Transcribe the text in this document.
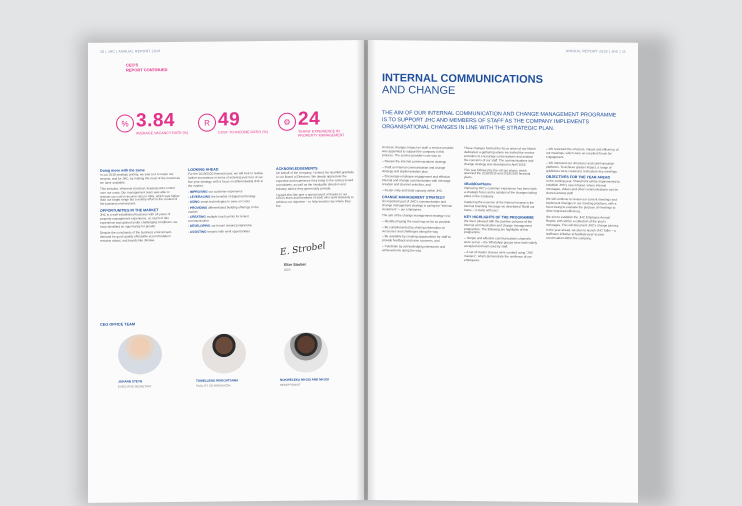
10 | JHC | ANNUAL REPORT 2019
CEO'S
REPORT CONTINUED
% 3.84
AVERAGE VACANCY RATE (%)
R 49
COST-TO-INCOME RATIO (%)
⚙ 24
YEARS' EXPERIENCE IN PROPERTY MANAGEMENT
Doing more with the same

In our 2019 strategic priority, we saw to it to retain our tenants, and for JHC, by making the most of the resources we have available.

This includes, wherever practical, keeping strict control over our costs. Our management team was able to restrain our cost-to-income ratio to 49%, which was higher than our target range but a worthy effort in the context of the business environment.

OPPORTUNITIES IN THE MARKET

JHC is a well-established business with 24 years of property management experience, so much of this experience was gained under challenging conditions, we have identified an opportunity for growth.

Despite the constraints of the business environment, demand for good quality affordable accommodation remains robust, and brands like Jkmiwe.

LOOKING AHEAD

For the 2019/2020 financial year, we will look to realise further innovations in terms of entering year four of our five year strategy, with a focus on differentiating JHC in the market.

› IMPROVING our customer experience

› LEVERAGING the benefits of digital technology

› USING smart technologies to save on costs

› PROVIDING differentiated building offerings to the market

› CREATING multiple touch points for tenant communication

› DEVELOPING our tenant reward programme

› ASSISTING tenants with work opportunities

ACKNOWLEDGEMENTS

On behalf of the company, I extend my heartfelt gratitude to our Board of Directors. We deeply appreciate the expertise and experience they bring to the various board committees, as well as the invaluable direction and industry advice they generously provide.

I would also like give a special word of thanks to our CEO's team and members of staff, who work tirelessly to achieve our objective – to help tenants rise where they live.

E. Strobel
Elize Strobel
CEO
CEO OFFICE TEAM
JOHANN STEYN
EXECUTIVE SECRETARY
TUMELLENG MOKOATSANA
FACILITY CO-ORDINATOR
NOKWELEKA NKOSI AND NKOSI
RECEPTIONIST
ANNUAL REPORT 2019 | JHC | 11
INTERNAL COMMUNICATIONS
AND CHANGE
THE AIM OF OUR INTERNAL COMMUNICATION AND CHANGE MANAGEMENT PROGRAMME IS TO SUPPORT JHC AND MEMBERS OF STAFF AS THE COMPANY IMPLEMENTS ORGANISATIONAL CHANGES IN LINE WITH THE STRATEGIC PLAN.

As these changes impact on staff, a service provider was appointed to support the company in this process. The service provider's role was to:

– Review the internal communications strategy

– Draft an internal communication and change strategy and implementation plan

– Encourage employee engagement and effective internal and change communication with message creation and channel selection, and

– Foster unity and build capacity within JHC.

CHANGE MANAGEMENT STRATEGY

An important part of JHC's communication and change management strategy is caring for "internal customers" – our employees.

The aim of the change management strategy is to:

– Identify phasing the road map as far as possible

– Be complemented by sharing information on successes and challenges along the way

– Be available by creating opportunities for staff to provide feedback and raise concerns, and

– Celebrate by acknowledging milestones and achievements along the way.

These changes formed the focus areas of our March dedicated, a gathering where we invited the service providers to encourage conversations and analyse the concerns of our staff. The communications and change strategy was developed in April 2019.

This was followed by the roll-out phase, which spanned the 2018/2019 and 2019/2020 financial years.

#BuildOurHome

Improving JHC's customer experience has been both a strategic focus and a catalyst of the changes taking place in the company.

Capturing the essence of the internal revamp is the internal branding message we developed "Build our home – it starts with you".

KEY HIGHLIGHTS OF THE PROGRAMME

We were pleased with the positive outcome of the internal communication and change management programme. The following are highlights of this programme:

– Simple and effective communications channels were set up – the WhatsApp groups were both widely accepted and well used by staff.

– A set of master classes were created using "JHC masters", which demonstrate the resilience of our employees.

– We reviewed the structure, impact and efficiency of our meetings, which were an excellent forum for engagement.

– We improved our structures and communication platforms. To achieve greater impact, a range of guidelines were created to restructure key meetings.

OBJECTIVES FOR THE YEAR AHEAD

In the coming year, SharePoint will be implemented to establish JHC's new intranet, where internal messages, videos and other communications can be shared among staff.

We will continue to review our current meetings and implement changes in our meeting practices, with a focus being to evaluate the purpose of meetings to drive improved efficiency.

We aim to establish the JHC Employee Annual Report, with will be a collection of the year's messages. This will document JHC's change journey.

In the year ahead, we plan to launch JHC Talks – a staffroom initiative to facilitate peer-to-peer conversation within the company.
